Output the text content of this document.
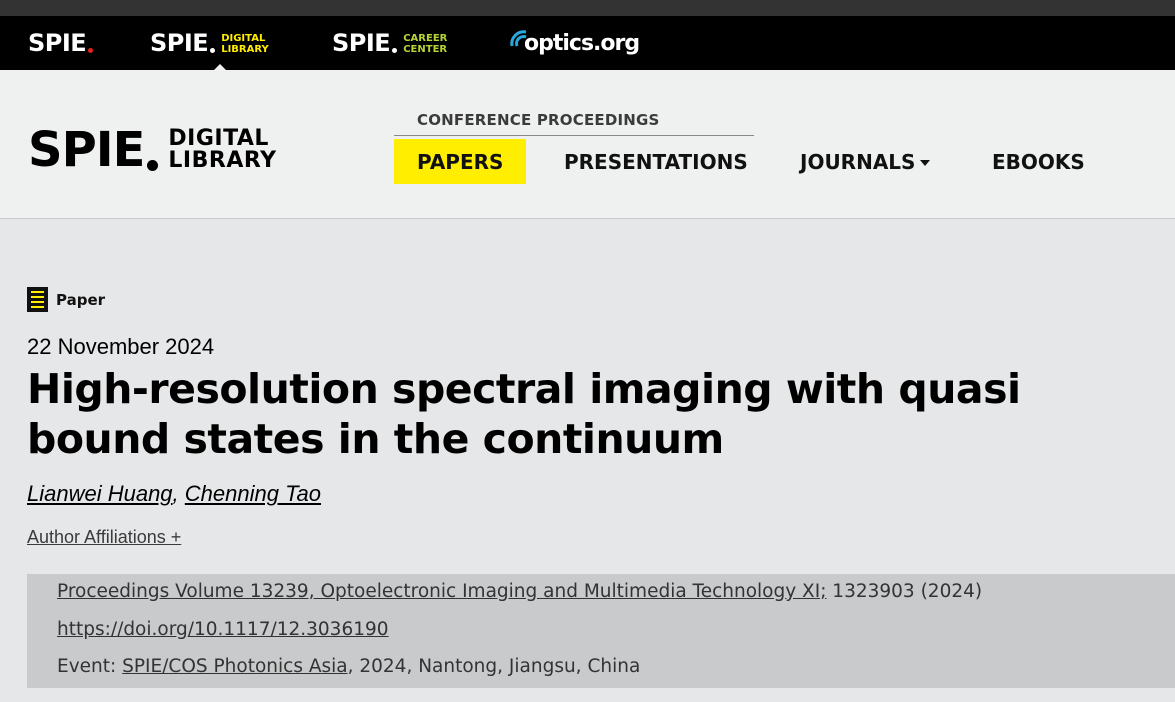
SPIE	SPIE DIGITAL
LIBRARY	SPIE CAREER
CENTER	optics.org
SPIE DIGITAL
LIBRARY
CONFERENCE PROCEEDINGS
PAPERS	PRESENTATIONS	JOURNALS	EBOOKS
Paper
22 November 2024
High-resolution spectral imaging with quasi bound states in the continuum
Lianwei Huang, Chenning Tao
Author Affiliations +
Proceedings Volume 13239, Optoelectronic Imaging and Multimedia Technology XI; 1323903 (2024)
https://doi.org/10.1117/12.3036190
Event: SPIE/COS Photonics Asia, 2024, Nantong, Jiangsu, China
